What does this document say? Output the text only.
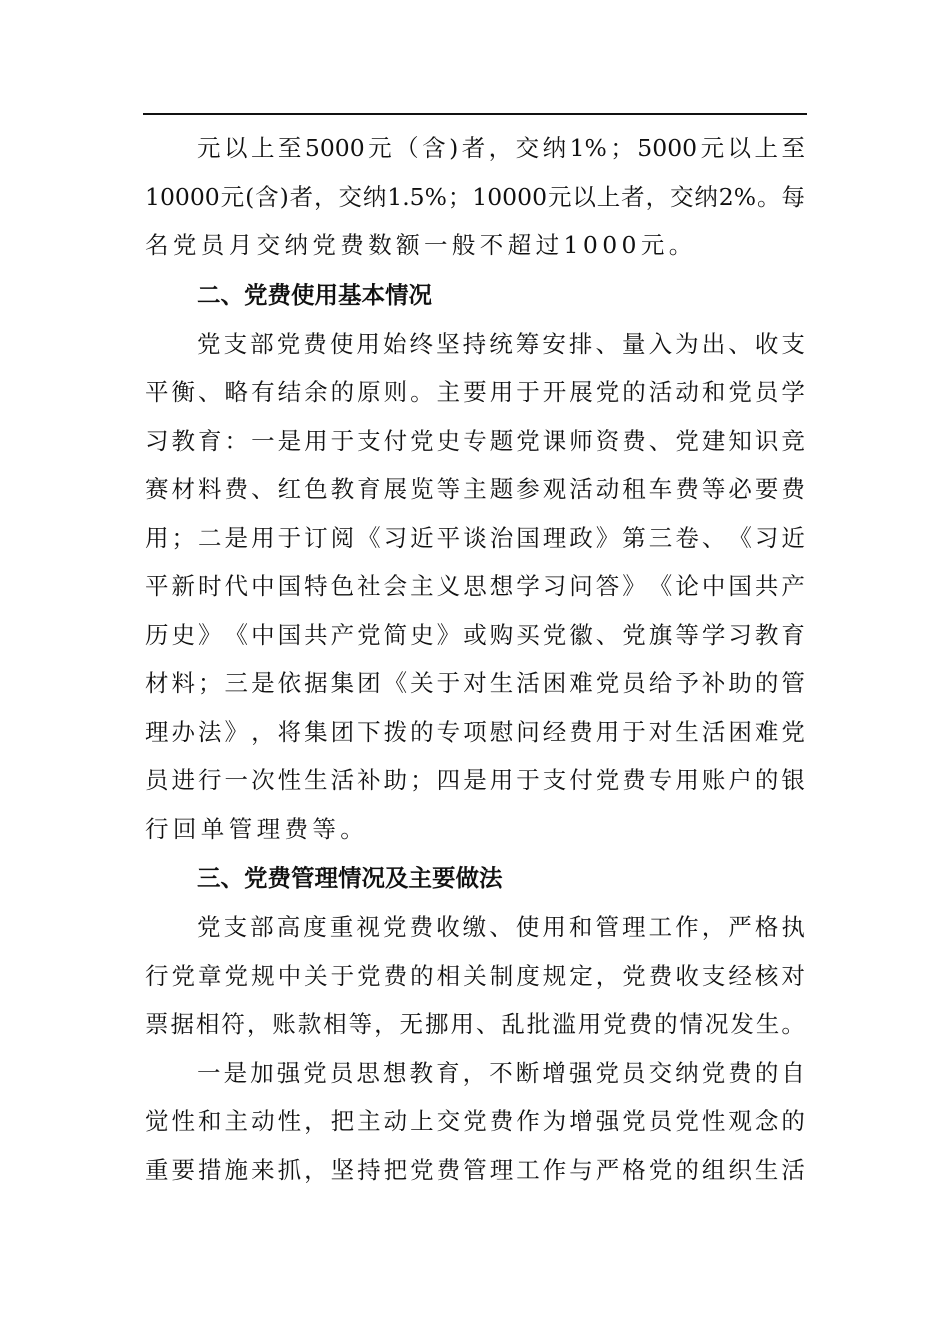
元 以 上 至 5000 元 （ 含 ) 者 ， 交 纳 1% ； 5000 元 以 上 至
10000 元 ( 含 ) 者 ， 交 纳 1.5% ； 10000 元 以 上 者 ， 交 纳 2% 。 每
名党员月交纳党费数额一般不超过1000元。
二、党费使用基本情况
党 支 部 党 费 使 用 始 终 坚 持 统 筹 安 排 、 量 入 为 出 、 收 支
平 衡 、 略 有 结 余 的 原 则 。 主 要 用 于 开 展 党 的 活 动 和 党 员 学
习 教 育 ： 一 是 用 于 支 付 党 史 专 题 党 课 师 资 费 、 党 建 知 识 竞
赛 材 料 费 、 红 色 教 育 展 览 等 主 题 参 观 活 动 租 车 费 等 必 要 费
用 ； 二 是 用 于 订 阅 《 习 近 平 谈 治 国 理 政 》 第 三 卷 、 《 习 近
平 新 时 代 中 国 特 色 社 会 主 义 思 想 学 习 问 答 》 《 论 中 国 共 产
历 史 》 《 中 国 共 产 党 简 史 》 或 购 买 党 徽 、 党 旗 等 学 习 教 育
材 料 ； 三 是 依 据 集 团 《 关 于 对 生 活 困 难 党 员 给 予 补 助 的 管
理 办 法 》 ， 将 集 团 下 拨 的 专 项 慰 问 经 费 用 于 对 生 活 困 难 党
员 进 行 一 次 性 生 活 补 助 ； 四 是 用 于 支 付 党 费 专 用 账 户 的 银
行回单管理费等。
三、党费管理情况及主要做法
党 支 部 高 度 重 视 党 费 收 缴 、 使 用 和 管 理 工 作 ， 严 格 执
行 党 章 党 规 中 关 于 党 费 的 相 关 制 度 规 定 ， 党 费 收 支 经 核 对
票 据 相 符 ， 账 款 相 等 ， 无 挪 用 、 乱 批 滥 用 党 费 的 情 况 发 生 。
一 是 加 强 党 员 思 想 教 育 ， 不 断 增 强 党 员 交 纳 党 费 的 自
觉 性 和 主 动 性 ， 把 主 动 上 交 党 费 作 为 增 强 党 员 党 性 观 念 的
重 要 措 施 来 抓 ， 坚 持 把 党 费 管 理 工 作 与 严 格 党 的 组 织 生 活
